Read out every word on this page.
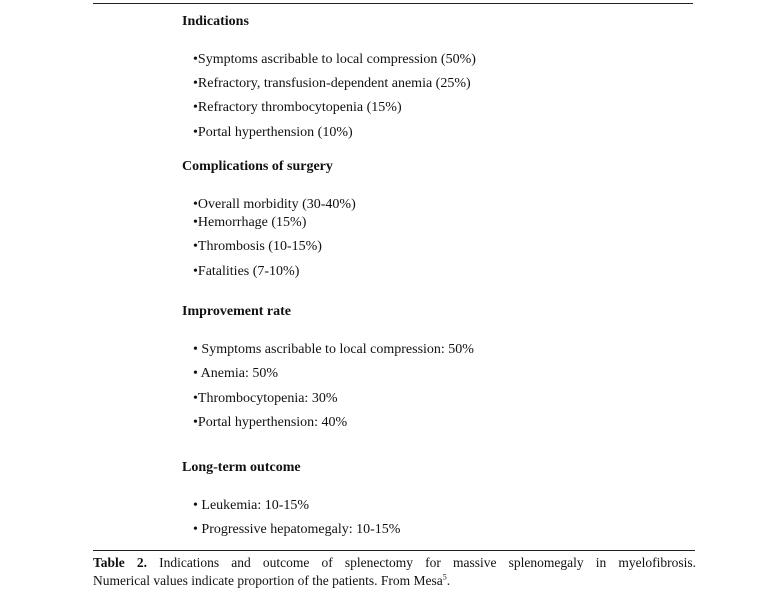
Indications
•Symptoms ascribable to local compression (50%)
•Refractory, transfusion-dependent anemia (25%)
•Refractory thrombocytopenia (15%)
•Portal hyperthension (10%)
Complications of surgery
•Overall morbidity (30-40%)
•Hemorrhage (15%)
•Thrombosis (10-15%)
•Fatalities (7-10%)
Improvement rate
• Symptoms ascribable to local compression: 50%
• Anemia: 50%
•Thrombocytopenia: 30%
•Portal hyperthension: 40%
Long-term outcome
• Leukemia: 10-15%
• Progressive hepatomegaly: 10-15%
Table 2. Indications and outcome of splenectomy for massive splenomegaly in myelofibrosis.
Numerical values indicate proportion of the patients. From Mesa$^5$.
